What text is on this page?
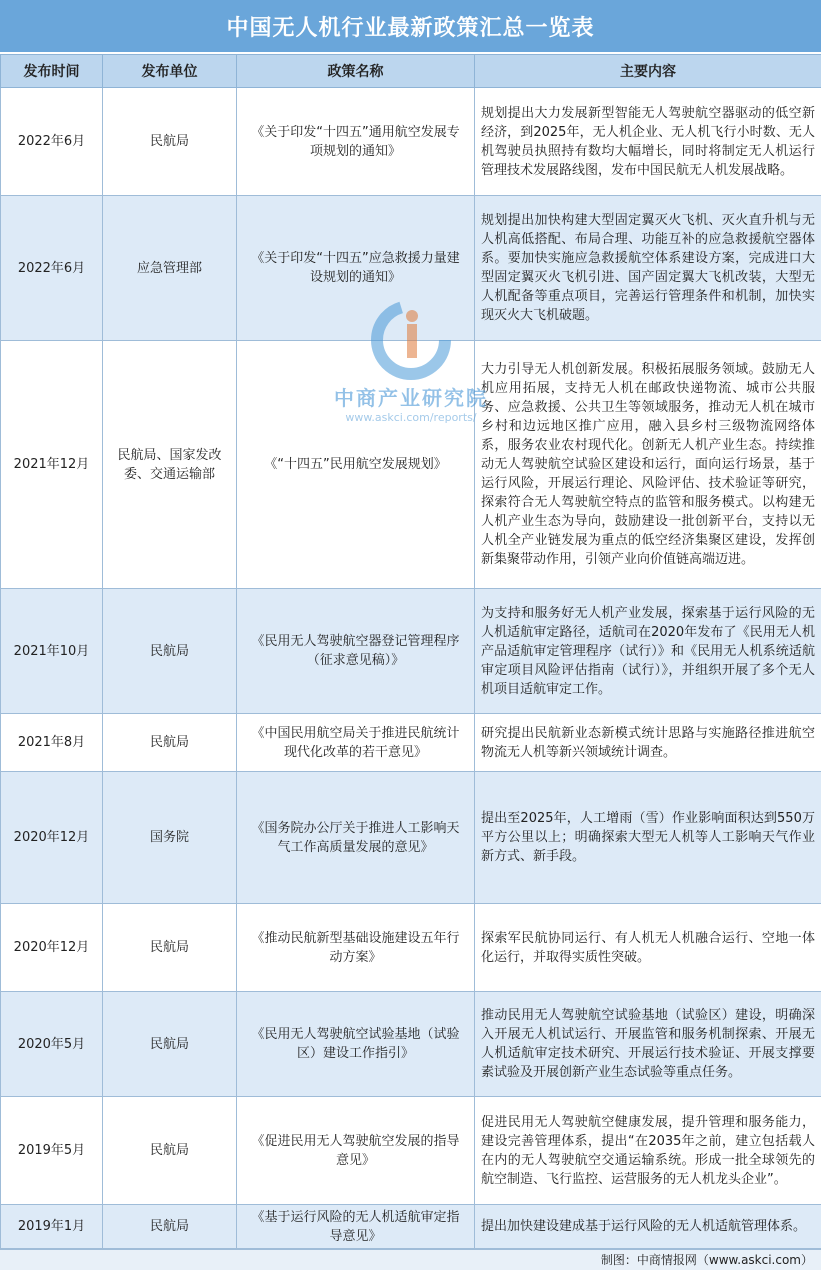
中国无人机行业最新政策汇总一览表
发布时间	发布单位	政策名称	主要内容
2022年6月	民航局	《关于印发“十四五”通用航空发展专项规划的通知》	规划提出大力发展新型智能无人驾驶航空器驱动的低空新经济，到2025年，无人机企业、无人机飞行小时数、无人机驾驶员执照持有数均大幅增长，同时将制定无人机运行管理技术发展路线图，发布中国民航无人机发展战略。
2022年6月	应急管理部	《关于印发“十四五”应急救援力量建设规划的通知》	规划提出加快构建大型固定翼灭火飞机、灭火直升机与无人机高低搭配、布局合理、功能互补的应急救援航空器体系。要加快实施应急救援航空体系建设方案，完成进口大型固定翼灭火飞机引进、国产固定翼大飞机改装，大型无人机配备等重点项目，完善运行管理条件和机制，加快实现灭火大飞机破题。
2021年12月	民航局、国家发改委、交通运输部	《“十四五”民用航空发展规划》	大力引导无人机创新发展。积极拓展服务领域。鼓励无人机应用拓展，支持无人机在邮政快递物流、城市公共服务、应急救援、公共卫生等领域服务，推动无人机在城市乡村和边远地区推广应用，融入县乡村三级物流网络体系，服务农业农村现代化。创新无人机产业生态。持续推动无人驾驶航空试验区建设和运行，面向运行场景，基于运行风险，开展运行理论、风险评估、技术验证等研究，探索符合无人驾驶航空特点的监管和服务模式。以构建无人机产业生态为导向，鼓励建设一批创新平台，支持以无人机全产业链发展为重点的低空经济集聚区建设，发挥创新集聚带动作用，引领产业向价值链高端迈进。
2021年10月	民航局	《民用无人驾驶航空器登记管理程序（征求意见稿）》	为支持和服务好无人机产业发展，探索基于运行风险的无人机适航审定路径，适航司在2020年发布了《民用无人机产品适航审定管理程序（试行）》和《民用无人机系统适航审定项目风险评估指南（试行）》，并组织开展了多个无人机项目适航审定工作。
2021年8月	民航局	《中国民用航空局关于推进民航统计现代化改革的若干意见》	研究提出民航新业态新模式统计思路与实施路径推进航空物流无人机等新兴领域统计调查。
2020年12月	国务院	《国务院办公厅关于推进人工影响天气工作高质量发展的意见》	提出至2025年，人工增雨（雪）作业影响面积达到550万平方公里以上；明确探索大型无人机等人工影响天气作业新方式、新手段。
2020年12月	民航局	《推动民航新型基础设施建设五年行动方案》	探索军民航协同运行、有人机无人机融合运行、空地一体化运行，并取得实质性突破。
2020年5月	民航局	《民用无人驾驶航空试验基地（试验区）建设工作指引》	推动民用无人驾驶航空试验基地（试验区）建设，明确深入开展无人机试运行、开展监管和服务机制探索、开展无人机适航审定技术研究、开展运行技术验证、开展支撑要素试验及开展创新产业生态试验等重点任务。
2019年5月	民航局	《促进民用无人驾驶航空发展的指导意见》	促进民用无人驾驶航空健康发展，提升管理和服务能力，建设完善管理体系，提出“在2035年之前，建立包括载人在内的无人驾驶航空交通运输系统。形成一批全球领先的航空制造、飞行监控、运营服务的无人机龙头企业”。
2019年1月	民航局	《基于运行风险的无人机适航审定指导意见》	提出加快建设建成基于运行风险的无人机适航管理体系。
制图：中商情报网（www.askci.com）
中商产业研究院
www.askci.com/reports/
